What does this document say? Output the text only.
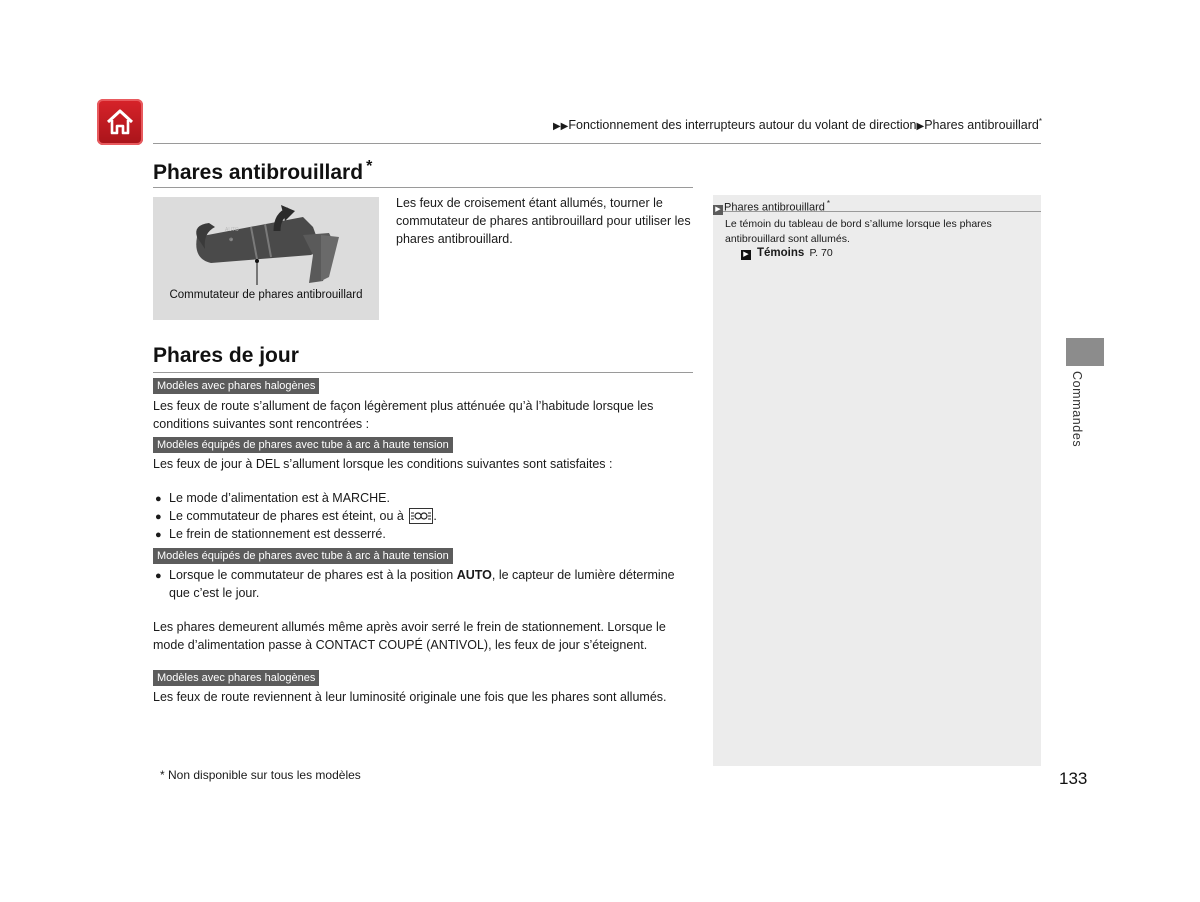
▶▶Fonctionnement des interrupteurs autour du volant de direction▶Phares antibrouillard*
Phares antibrouillard *
AUTO
⊕
Commutateur de phares antibrouillard
Les feux de croisement étant allumés, tourner le commutateur de phares antibrouillard pour utiliser les phares antibrouillard.
Phares de jour
Modèles avec phares halogènes
Les feux de route s’allument de façon légèrement plus atténuée qu’à l’habitude lorsque les conditions suivantes sont rencontrées :
Modèles équipés de phares avec tube à arc à haute tension
Les feux de jour à DEL s’allument lorsque les conditions suivantes sont satisfaites :
● Le mode d’alimentation est à MARCHE.
● Le commutateur de phares est éteint, ou à .
● Le frein de stationnement est desserré.
Modèles équipés de phares avec tube à arc à haute tension
● Lorsque le commutateur de phares est à la position AUTO, le capteur de lumière détermine que c’est le jour.
Les phares demeurent allumés même après avoir serré le frein de stationnement. Lorsque le mode d’alimentation passe à CONTACT COUPÉ (ANTIVOL), les feux de jour s’éteignent.
Modèles avec phares halogènes
Les feux de route reviennent à leur luminosité originale une fois que les phares sont allumés.
▶ Phares antibrouillard *
Le témoin du tableau de bord s’allume lorsque les phares antibrouillard sont allumés.
▶ Témoins P. 70
Commandes
* Non disponible sur tous les modèles	133
